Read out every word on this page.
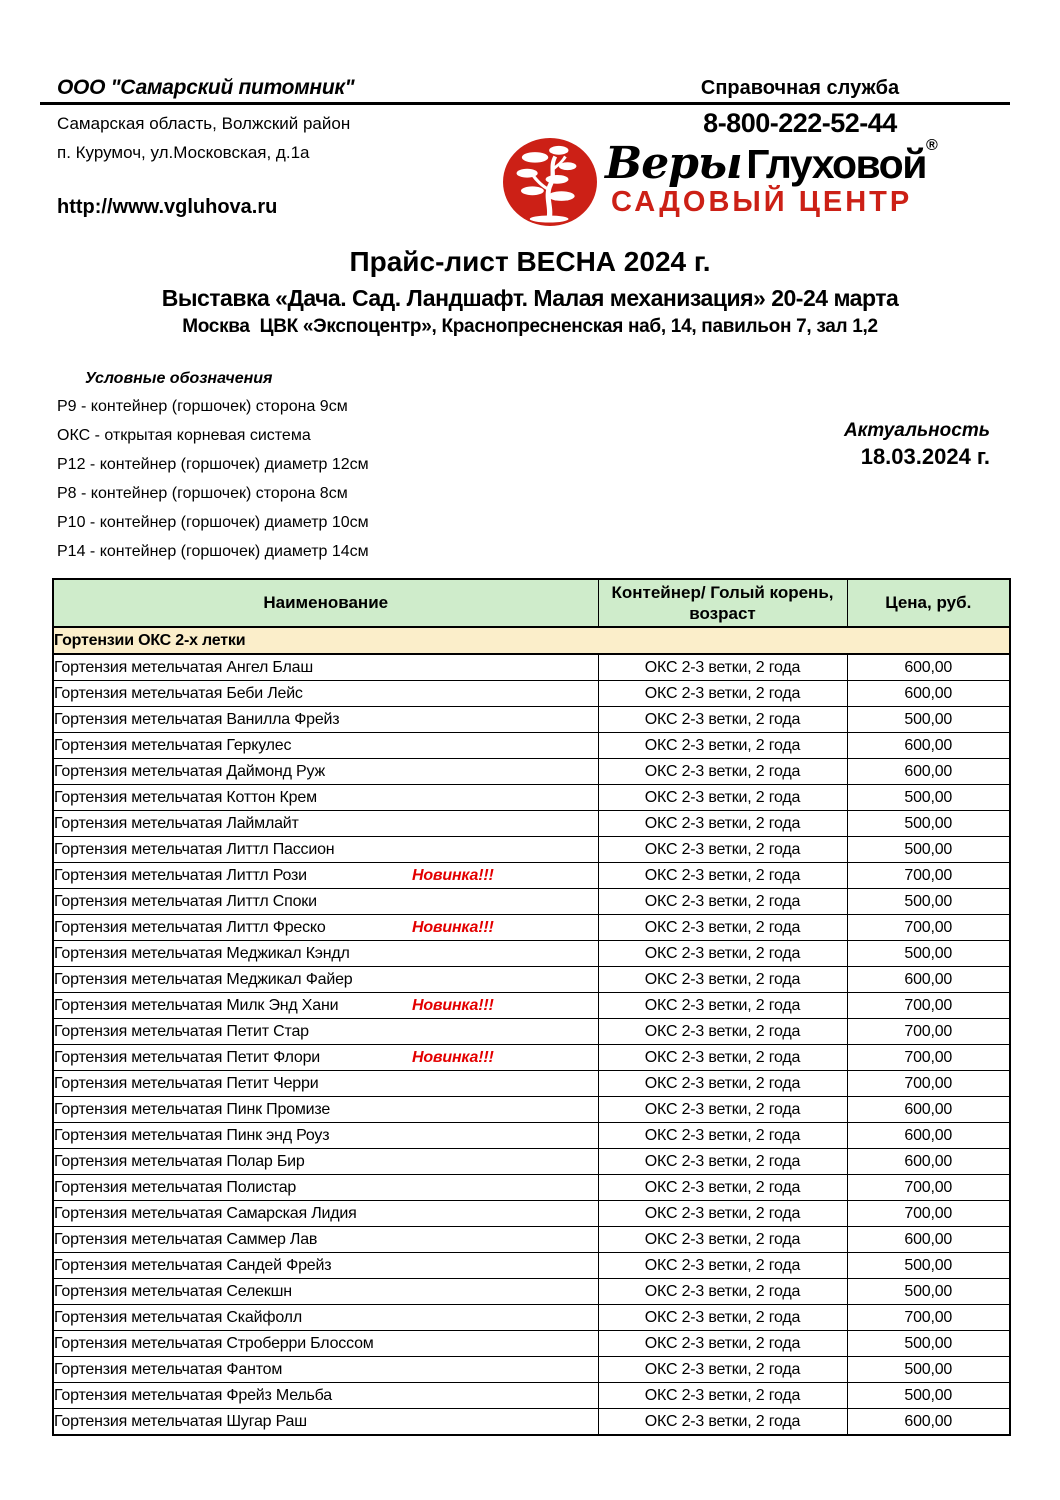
ООО "Самарский питомник"	Справочная служба
Самарская область, Волжский район
п. Курумоч, ул.Московская, д.1а
8-800-222-52-44
http://www.vgluhova.ru
Веры Глуховой®
САДОВЫЙ ЦЕНТР
Прайс-лист ВЕСНА 2024 г.
Выставка «Дача. Сад. Ландшафт. Малая механизация» 20-24 марта
Москва  ЦВК «Экспоцентр», Краснопресненская наб, 14, павильон 7, зал 1,2
Условные обозначения
Р9 - контейнер (горшочек) сторона 9см
ОКС - открытая корневая система
Р12 - контейнер (горшочек) диаметр 12см
Р8 - контейнер (горшочек) сторона 8см
Р10 - контейнер (горшочек) диаметр 10см
Р14 - контейнер (горшочек) диаметр 14см
Актуальность
18.03.2024 г.
Наименование	Контейнер/ Голый корень, возраст	Цена, руб.
Гортензии ОКС 2-х летки		
Гортензия метельчатая Ангел Блаш	ОКС 2-3 ветки, 2 года	600,00
Гортензия метельчатая Беби Лейс	ОКС 2-3 ветки, 2 года	600,00
Гортензия метельчатая Ванилла Фрейз	ОКС 2-3 ветки, 2 года	500,00
Гортензия метельчатая Геркулес	ОКС 2-3 ветки, 2 года	600,00
Гортензия метельчатая Даймонд Руж	ОКС 2-3 ветки, 2 года	600,00
Гортензия метельчатая Коттон Крем	ОКС 2-3 ветки, 2 года	500,00
Гортензия метельчатая Лаймлайт	ОКС 2-3 ветки, 2 года	500,00
Гортензия метельчатая Литтл Пассион	ОКС 2-3 ветки, 2 года	500,00
Гортензия метельчатая Литтл Рози Новинка!!!	ОКС 2-3 ветки, 2 года	700,00
Гортензия метельчатая Литтл Споки	ОКС 2-3 ветки, 2 года	500,00
Гортензия метельчатая Литтл Фреско Новинка!!!	ОКС 2-3 ветки, 2 года	700,00
Гортензия метельчатая Меджикал Кэндл	ОКС 2-3 ветки, 2 года	500,00
Гортензия метельчатая Меджикал Файер	ОКС 2-3 ветки, 2 года	600,00
Гортензия метельчатая Милк Энд Хани Новинка!!!	ОКС 2-3 ветки, 2 года	700,00
Гортензия метельчатая Петит Стар	ОКС 2-3 ветки, 2 года	700,00
Гортензия метельчатая Петит Флори Новинка!!!	ОКС 2-3 ветки, 2 года	700,00
Гортензия метельчатая Петит Черри	ОКС 2-3 ветки, 2 года	700,00
Гортензия метельчатая Пинк Промизе	ОКС 2-3 ветки, 2 года	600,00
Гортензия метельчатая Пинк энд Роуз	ОКС 2-3 ветки, 2 года	600,00
Гортензия метельчатая Полар Бир	ОКС 2-3 ветки, 2 года	600,00
Гортензия метельчатая Полистар	ОКС 2-3 ветки, 2 года	700,00
Гортензия метельчатая Самарская Лидия	ОКС 2-3 ветки, 2 года	700,00
Гортензия метельчатая Саммер Лав	ОКС 2-3 ветки, 2 года	600,00
Гортензия метельчатая Сандей Фрейз	ОКС 2-3 ветки, 2 года	500,00
Гортензия метельчатая Селекшн	ОКС 2-3 ветки, 2 года	500,00
Гортензия метельчатая Скайфолл	ОКС 2-3 ветки, 2 года	700,00
Гортензия метельчатая Строберри Блоссом	ОКС 2-3 ветки, 2 года	500,00
Гортензия метельчатая Фантом	ОКС 2-3 ветки, 2 года	500,00
Гортензия метельчатая Фрейз Мельба	ОКС 2-3 ветки, 2 года	500,00
Гортензия метельчатая Шугар Раш	ОКС 2-3 ветки, 2 года	600,00
